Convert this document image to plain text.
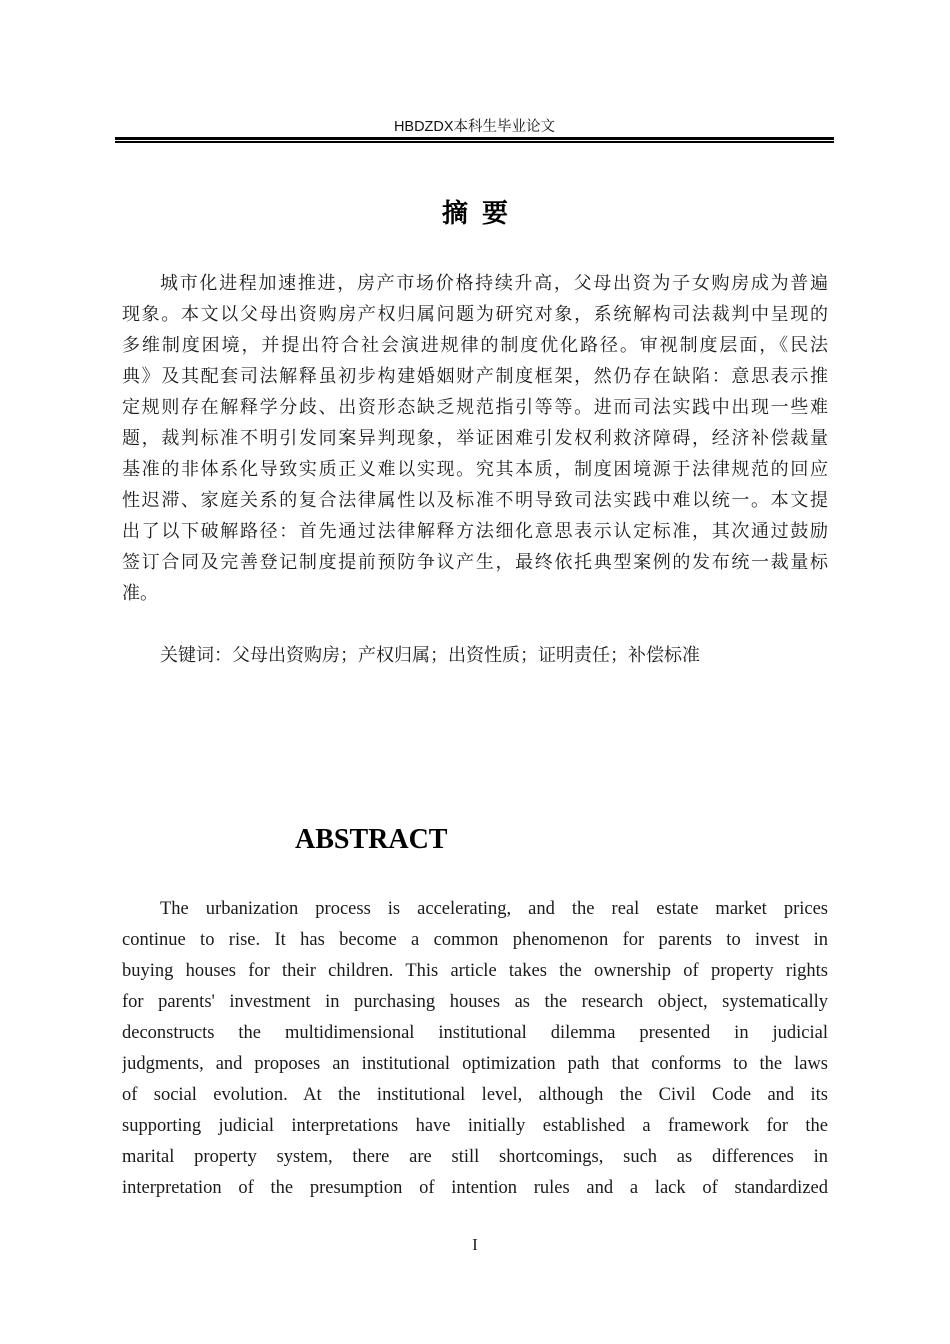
HBDZDX本科生毕业论文
摘 要
城市化进程加速推进，房产市场价格持续升高，父母出资为子女购房成为普遍
现象。本文以父母出资购房产权归属问题为研究对象，系统解构司法裁判中呈现的
多维制度困境，并提出符合社会演进规律的制度优化路径。审视制度层面，《民法
典》及其配套司法解释虽初步构建婚姻财产制度框架，然仍存在缺陷：意思表示推
定规则存在解释学分歧、出资形态缺乏规范指引等等。进而司法实践中出现一些难
题，裁判标准不明引发同案异判现象，举证困难引发权利救济障碍，经济补偿裁量
基准的非体系化导致实质正义难以实现。究其本质，制度困境源于法律规范的回应
性迟滞、家庭关系的复合法律属性以及标准不明导致司法实践中难以统一。本文提
出了以下破解路径：首先通过法律解释方法细化意思表示认定标准，其次通过鼓励
签订合同及完善登记制度提前预防争议产生，最终依托典型案例的发布统一裁量标
准。
关键词：父母出资购房；产权归属；出资性质；证明责任；补偿标准
ABSTRACT
The urbanization process is accelerating, and the real estate market prices
continue to rise. It has become a common phenomenon for parents to invest in
buying houses for their children. This article takes the ownership of property rights
for parents' investment in purchasing houses as the research object, systematically
deconstructs the multidimensional institutional dilemma presented in judicial
judgments, and proposes an institutional optimization path that conforms to the laws
of social evolution. At the institutional level, although the Civil Code and its
supporting judicial interpretations have initially established a framework for the
marital property system, there are still shortcomings, such as differences in
interpretation of the presumption of intention rules and a lack of standardized
I
